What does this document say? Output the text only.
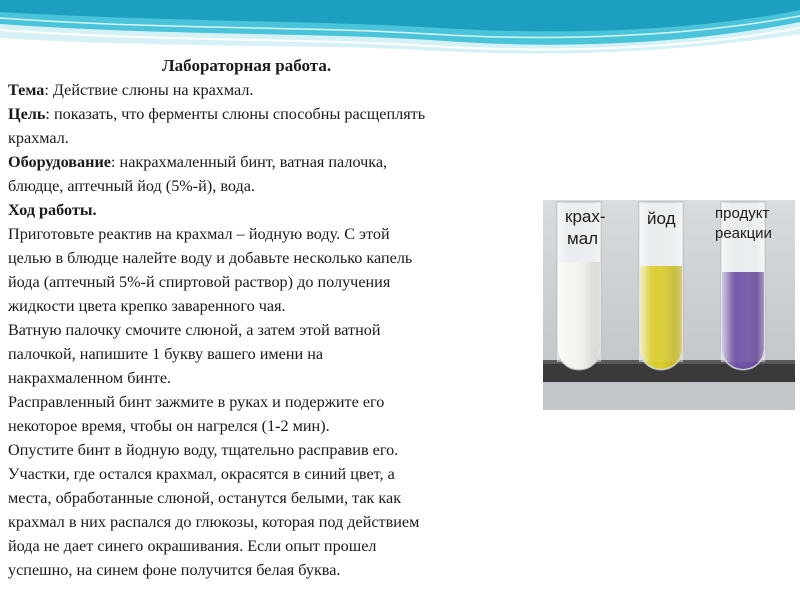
Лабораторная работа.
Тема: Действие слюны на крахмал.
Цель: показать, что ферменты слюны способны расщеплять
крахмал.
Оборудование: накрахмаленный бинт, ватная палочка,
блюдце, аптечный йод (5%-й), вода.
Ход работы.
Приготовьте реактив на крахмал – йодную воду. С этой
целью в блюдце налейте воду и добавьте несколько капель
йода (аптечный 5%-й спиртовой раствор) до получения
жидкости цвета крепко заваренного чая.
Ватную палочку смочите слюной, а затем этой ватной
палочкой, напишите 1 букву вашего имени на
накрахмаленном бинте.
Расправленный бинт зажмите в руках и подержите его
некоторое время, чтобы он нагрелся (1-2 мин).
Опустите бинт в йодную воду, тщательно расправив его.
Участки, где остался крахмал, окрасятся в синий цвет, а
места, обработанные слюной, останутся белыми, так как
крахмал в них распался до глюкозы, которая под действием
йода не дает синего окрашивания. Если опыт прошел
успешно, на синем фоне получится белая буква.
крах-
мал
йод	продукт
реакции
